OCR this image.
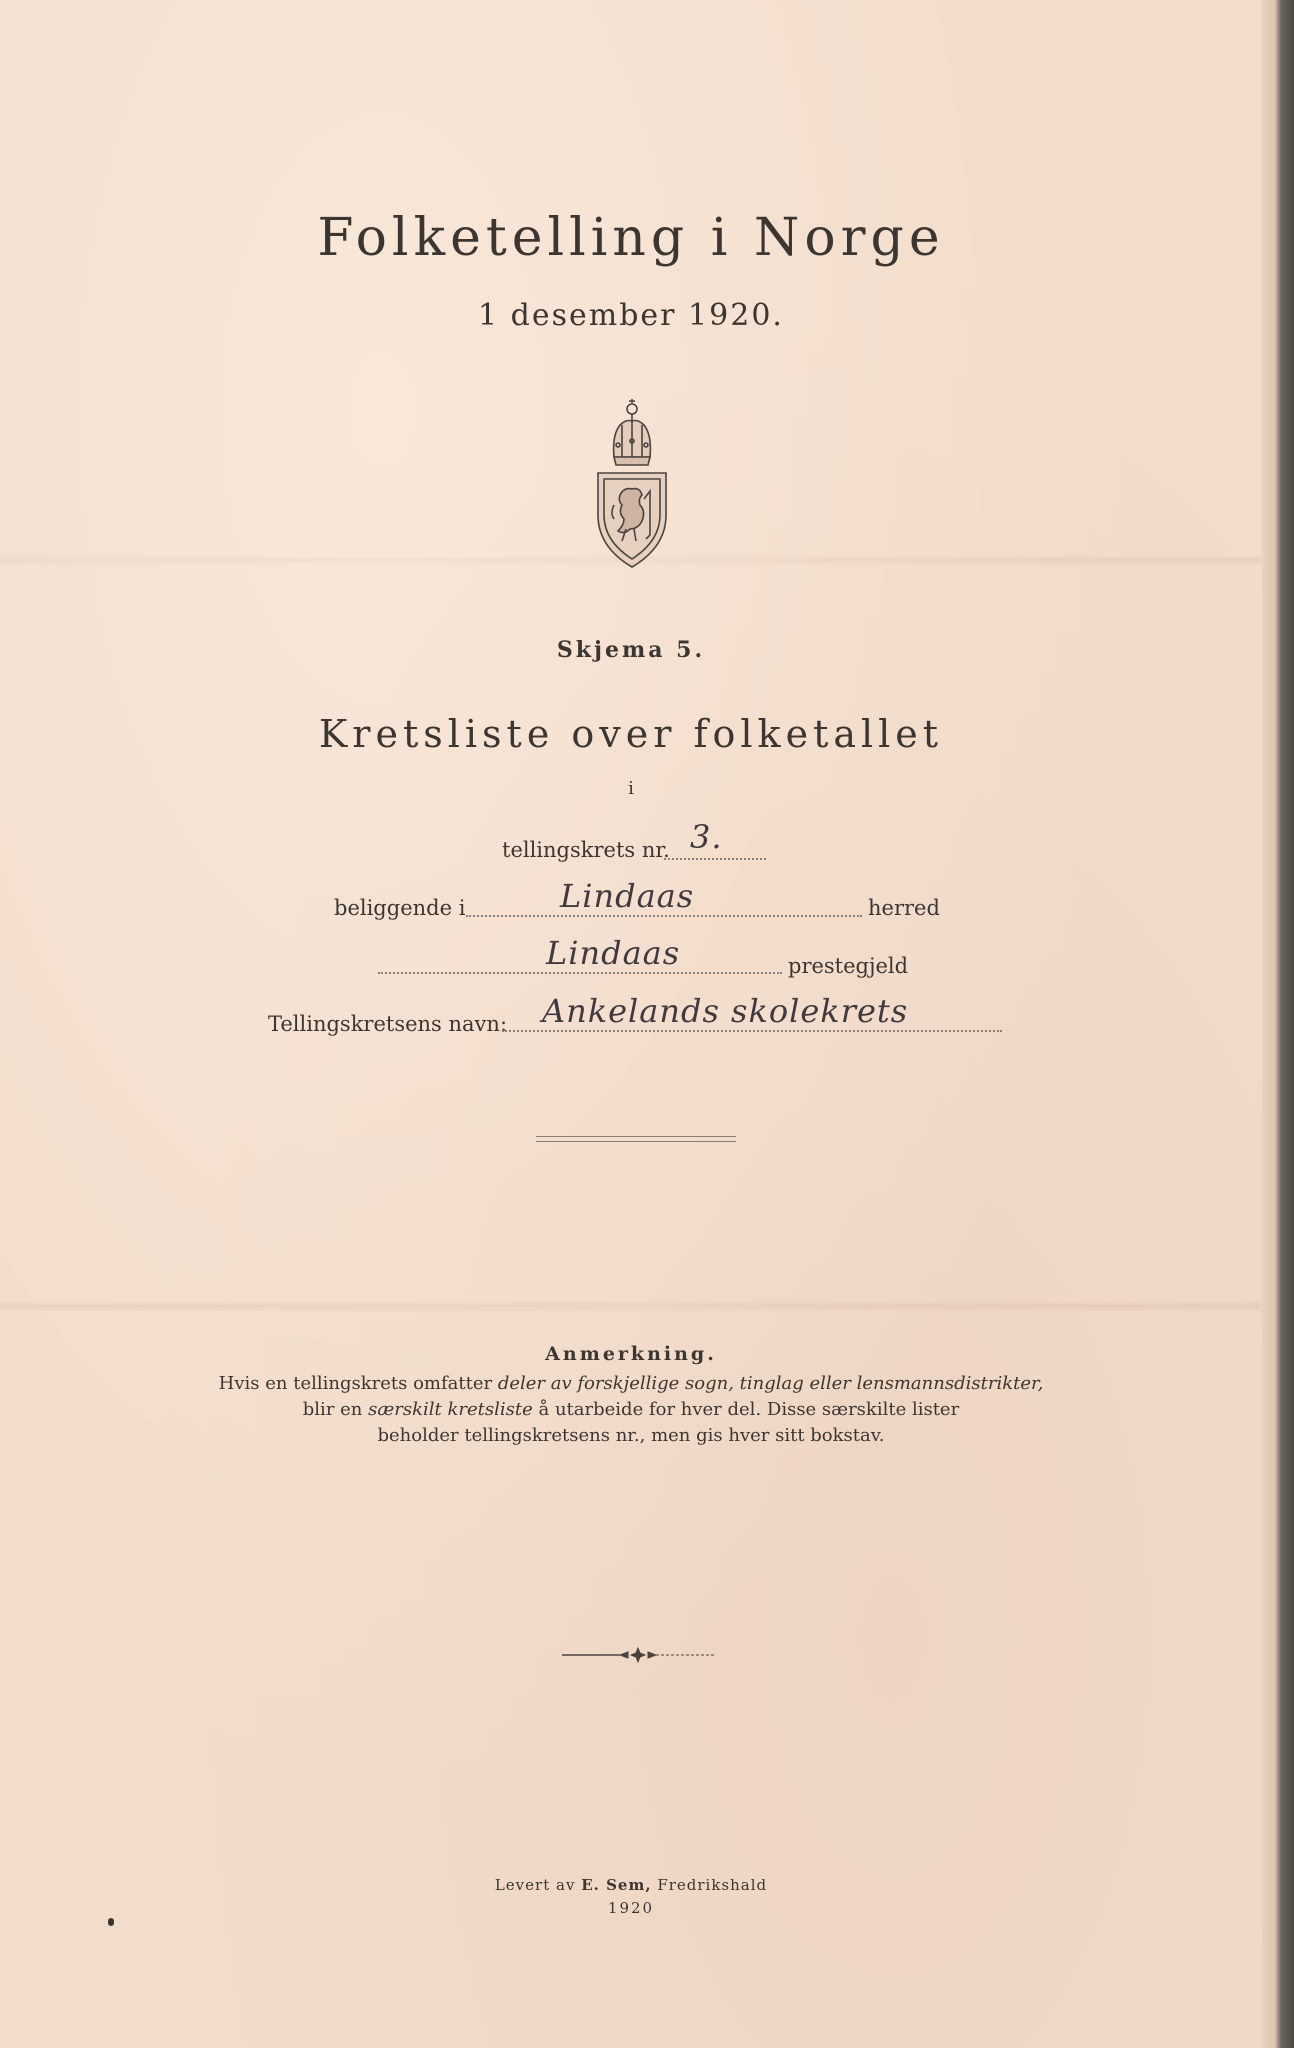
Folketelling i Norge
1 desember 1920.
Skjema 5.
Kretsliste over folketallet
i
tellingskrets nr. 3.
beliggende i	Lindaas	herred
Lindaas	prestegjeld
Tellingskretsens navn: Ankelands skolekrets
Anmerkning.
Hvis en tellingskrets omfatter deler av forskjellige sogn, tinglag eller lensmannsdistrikter,
blir en særskilt kretsliste å utarbeide for hver del. Disse særskilte lister
beholder tellingskretsens nr., men gis hver sitt bokstav.
Levert av E. Sem, Fredrikshald
1920
